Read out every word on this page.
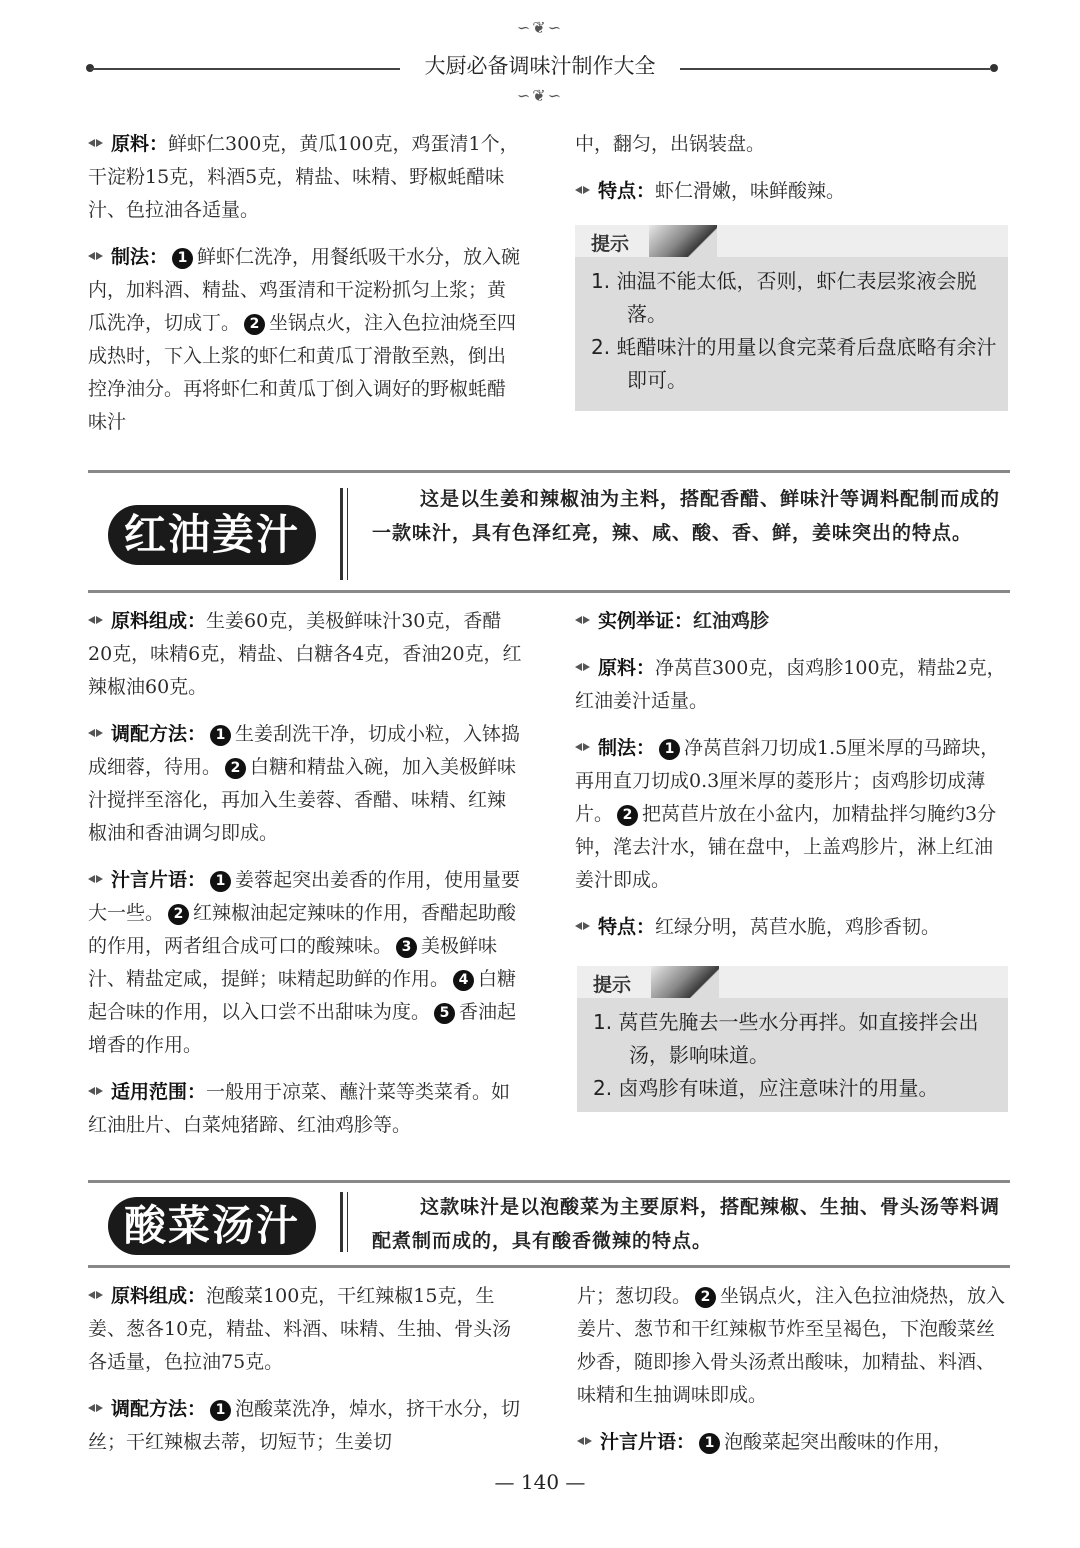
∽❦∽
大厨必备调味汁制作大全
∽❦∽

原料：鲜虾仁300克，黄瓜100克，鸡蛋清1个，干淀粉15克，料酒5克，精盐、味精、野椒蚝醋味汁、色拉油各适量。

制法： 1 鲜虾仁洗净，用餐纸吸干水分，放入碗内，加料酒、精盐、鸡蛋清和干淀粉抓匀上浆；黄瓜洗净，切成丁。 2 坐锅点火，注入色拉油烧至四成热时，下入上浆的虾仁和黄瓜丁滑散至熟，倒出控净油分。再将虾仁和黄瓜丁倒入调好的野椒蚝醋味汁

中，翻匀，出锅装盘。

特点：虾仁滑嫩，味鲜酸辣。

提示
1. 油温不能太低，否则，虾仁表层浆液会脱落。
2. 蚝醋味汁的用量以食完菜肴后盘底略有余汁即可。
红油姜汁
这是以生姜和辣椒油为主料，搭配香醋、鲜味汁等调料配制而成的一款味汁，具有色泽红亮，辣、咸、酸、香、鲜，姜味突出的特点。

原料组成：生姜60克，美极鲜味汁30克，香醋20克，味精6克，精盐、白糖各4克，香油20克，红辣椒油60克。

调配方法： 1 生姜刮洗干净，切成小粒，入钵捣成细蓉，待用。 2 白糖和精盐入碗，加入美极鲜味汁搅拌至溶化，再加入生姜蓉、香醋、味精、红辣椒油和香油调匀即成。

汁言片语： 1 姜蓉起突出姜香的作用，使用量要大一些。 2 红辣椒油起定辣味的作用，香醋起助酸的作用，两者组合成可口的酸辣味。 3 美极鲜味汁、精盐定咸，提鲜；味精起助鲜的作用。 4 白糖起合味的作用，以入口尝不出甜味为度。 5 香油起增香的作用。

适用范围：一般用于凉菜、蘸汁菜等类菜肴。如红油肚片、白菜炖猪蹄、红油鸡胗等。

实例举证：红油鸡胗

原料：净莴苣300克，卤鸡胗100克，精盐2克，红油姜汁适量。

制法： 1 净莴苣斜刀切成1.5厘米厚的马蹄块，再用直刀切成0.3厘米厚的菱形片；卤鸡胗切成薄片。 2 把莴苣片放在小盆内，加精盐拌匀腌约3分钟，滗去汁水，铺在盘中，上盖鸡胗片，淋上红油姜汁即成。

特点：红绿分明，莴苣水脆，鸡胗香韧。

提示
1. 莴苣先腌去一些水分再拌。如直接拌会出汤，影响味道。
2. 卤鸡胗有味道，应注意味汁的用量。
酸菜汤汁	这款味汁是以泡酸菜为主要原料，搭配辣椒、生抽、骨头汤等料调配煮制而成的，具有酸香微辣的特点。

原料组成：泡酸菜100克，干红辣椒15克，生姜、葱各10克，精盐、料酒、味精、生抽、骨头汤各适量，色拉油75克。

调配方法： 1 泡酸菜洗净，焯水，挤干水分，切丝；干红辣椒去蒂，切短节；生姜切

片；葱切段。 2 坐锅点火，注入色拉油烧热，放入姜片、葱节和干红辣椒节炸至呈褐色，下泡酸菜丝炒香，随即掺入骨头汤煮出酸味，加精盐、料酒、味精和生抽调味即成。

汁言片语： 1 泡酸菜起突出酸味的作用，

— 140 —
